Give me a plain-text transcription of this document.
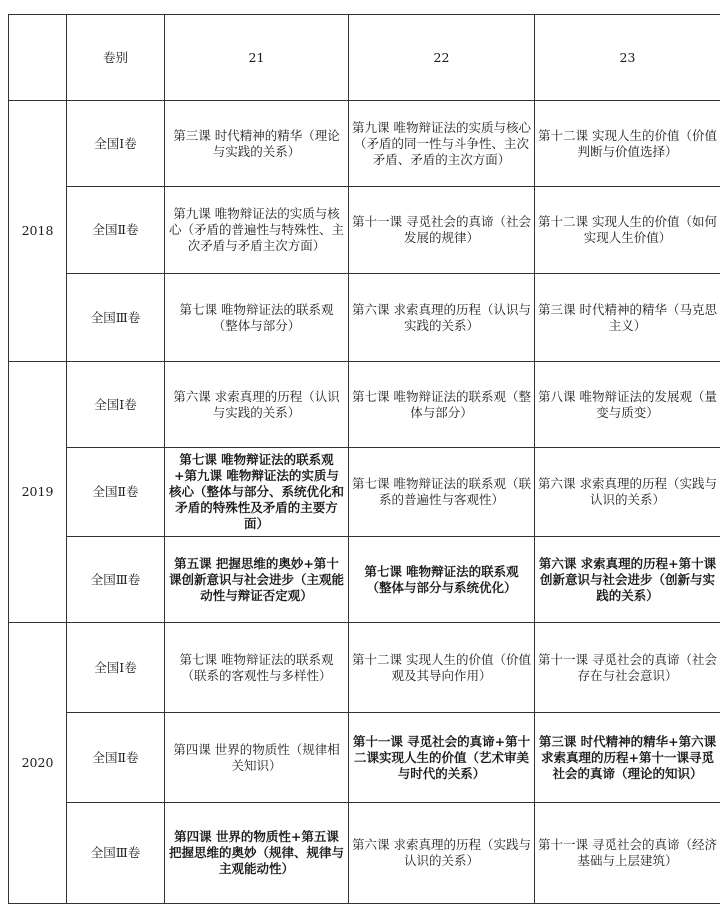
	卷别	21	22	23
2018	全国Ⅰ卷	第三课 时代精神的精华（理论与实践的关系）	第九课 唯物辩证法的实质与核心（矛盾的同一性与斗争性、主次矛盾、矛盾的主次方面）	第十二课 实现人生的价值（价值判断与价值选择）
	全国Ⅱ卷	第九课 唯物辩证法的实质与核心（矛盾的普遍性与特殊性、主次矛盾与矛盾主次方面）	第十一课 寻觅社会的真谛（社会发展的规律）	第十二课 实现人生的价值（如何实现人生价值）
	全国Ⅲ卷	第七课 唯物辩证法的联系观（整体与部分）	第六课 求索真理的历程（认识与实践的关系）	第三课 时代精神的精华（马克思主义）
2019	全国Ⅰ卷	第六课 求索真理的历程（认识与实践的关系）	第七课 唯物辩证法的联系观（整体与部分）	第八课 唯物辩证法的发展观（量变与质变）
	全国Ⅱ卷	第七课 唯物辩证法的联系观+第九课 唯物辩证法的实质与核心（整体与部分、系统优化和矛盾的特殊性及矛盾的主要方面）	第七课 唯物辩证法的联系观（联系的普遍性与客观性）	第六课 求索真理的历程（实践与认识的关系）
	全国Ⅲ卷	第五课 把握思维的奥妙+第十课创新意识与社会进步（主观能动性与辩证否定观）	第七课 唯物辩证法的联系观（整体与部分与系统优化）	第六课 求索真理的历程+第十课创新意识与社会进步（创新与实践的关系）
2020	全国Ⅰ卷	第七课 唯物辩证法的联系观（联系的客观性与多样性）	第十二课 实现人生的价值（价值观及其导向作用）	第十一课 寻觅社会的真谛（社会存在与社会意识）
	全国Ⅱ卷	第四课 世界的物质性（规律相关知识）	第十一课 寻觅社会的真谛+第十二课实现人生的价值（艺术审美与时代的关系）	第三课 时代精神的精华+第六课 求索真理的历程+第十一课寻觅社会的真谛（理论的知识）
	全国Ⅲ卷	第四课 世界的物质性+第五课把握思维的奥妙（规律、规律与主观能动性）	第六课 求索真理的历程（实践与认识的关系）	第十一课 寻觅社会的真谛（经济基础与上层建筑）
